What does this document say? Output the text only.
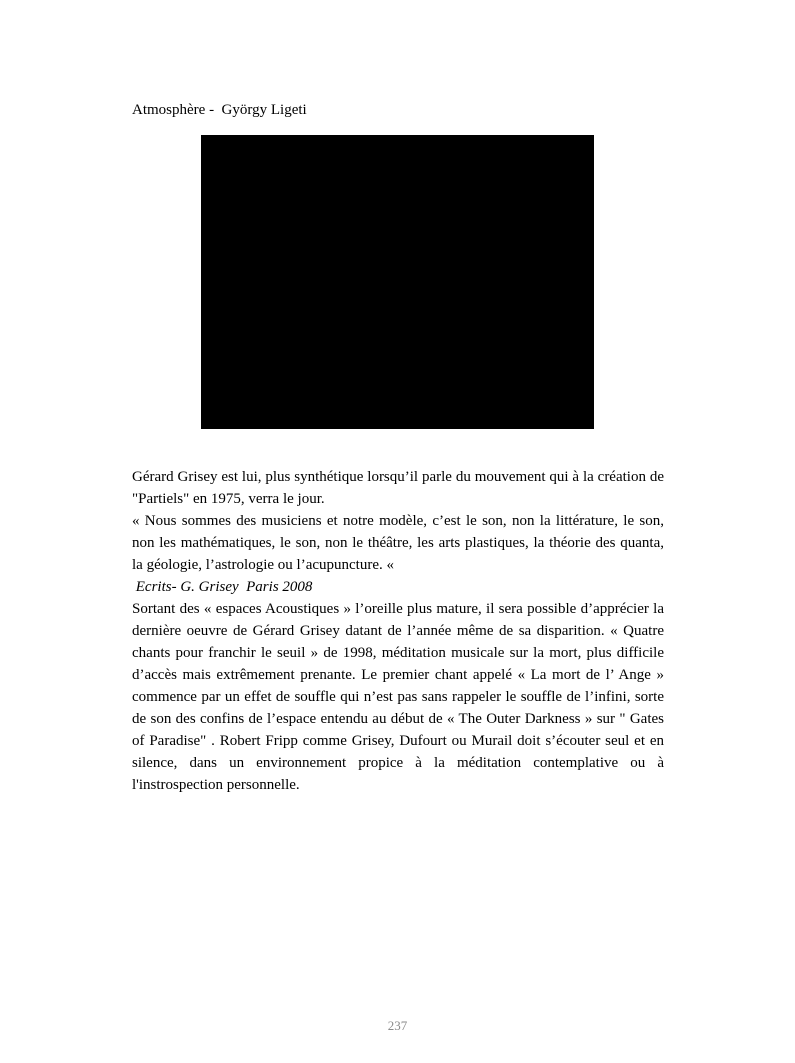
Atmosphère -  György Ligeti

Gérard Grisey est lui, plus synthétique lorsqu’il parle du mouvement qui à la création de "Partiels" en 1975, verra le jour.

« Nous sommes des musiciens et notre modèle, c’est le son, non la littérature, le son, non les mathématiques, le son, non le théâtre, les arts plastiques, la théorie des quanta, la géologie, l’astrologie ou l’acupuncture. «

Ecrits- G. Grisey  Paris 2008

Sortant des « espaces Acoustiques » l’oreille plus mature, il sera possible d’apprécier la dernière oeuvre de Gérard Grisey datant de l’année même de sa disparition. « Quatre chants pour franchir le seuil » de 1998, méditation musicale sur la mort, plus difficile d’accès mais extrêmement prenante. Le premier chant appelé « La mort de l’ Ange » commence par un effet de souffle qui n’est pas sans rappeler le souffle de l’infini, sorte de son des confins de l’espace entendu au début de « The Outer Darkness » sur " Gates of Paradise" . Robert Fripp comme Grisey, Dufourt ou Murail doit s’écouter seul et en silence, dans un environnement propice à la méditation contemplative ou à l'instrospection personnelle.

237
